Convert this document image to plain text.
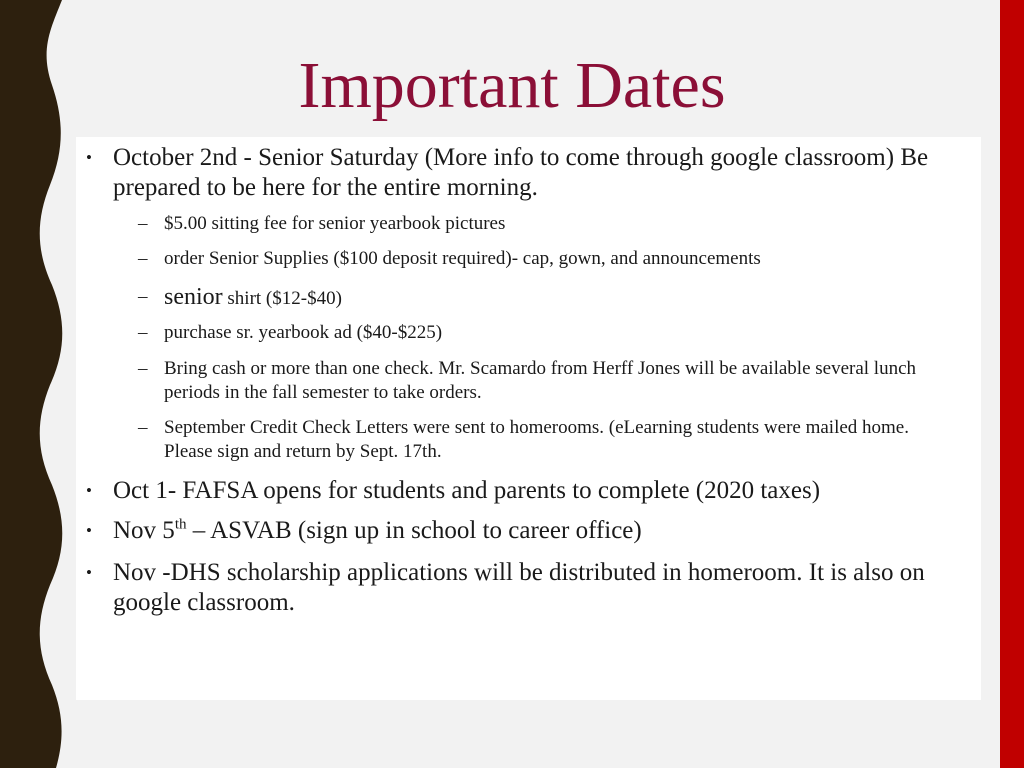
Important Dates
• October 2nd - Senior Saturday (More info to come through google classroom) Be prepared to be here for the entire morning.
– $5.00 sitting fee for senior yearbook pictures
– order Senior Supplies ($100 deposit required)- cap, gown, and announcements
– senior shirt ($12-$40)
– purchase sr. yearbook ad ($40-$225)
– Bring cash or more than one check. Mr. Scamardo from Herff Jones will be available several lunch periods in the fall semester to take orders.
– September Credit Check Letters were sent to homerooms. (eLearning students were mailed home. Please sign and return by Sept. 17th.
• Oct 1- FAFSA opens for students and parents to complete (2020 taxes)
• Nov 5th – ASVAB (sign up in school to career office)
• Nov -DHS scholarship applications will be distributed in homeroom. It is also on google classroom.
